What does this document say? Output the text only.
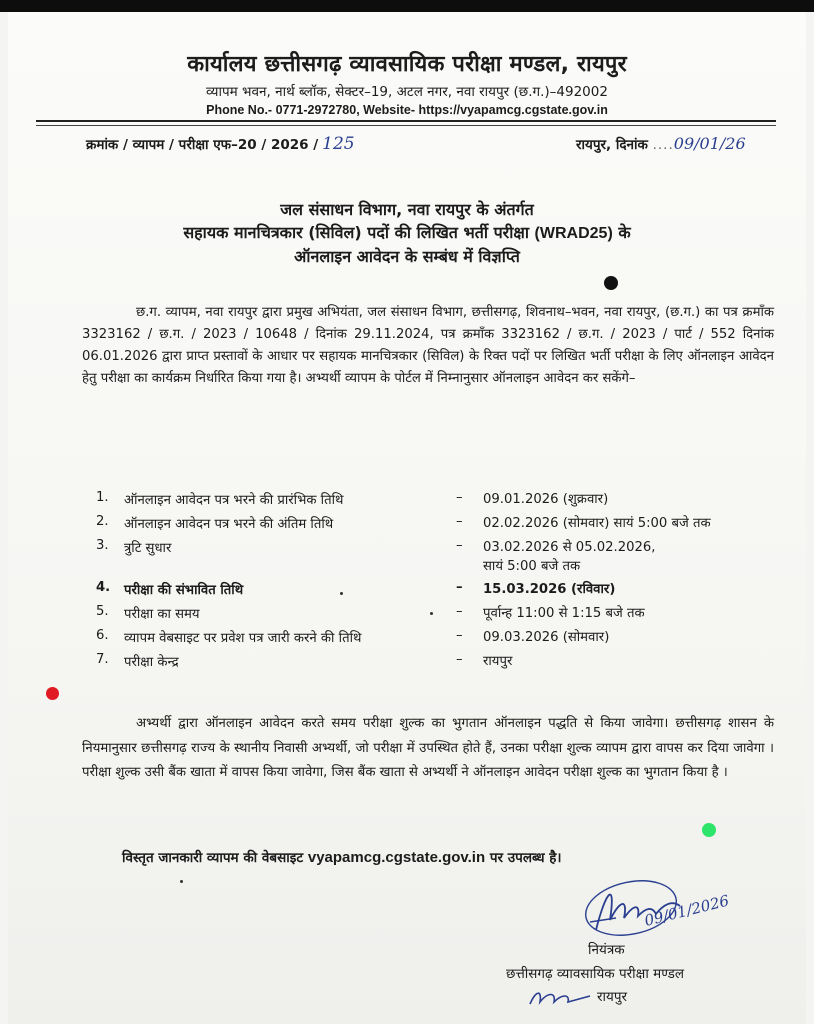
कार्यालय छत्तीसगढ़ व्यावसायिक परीक्षा मण्डल, रायपुर
व्यापम भवन, नार्थ ब्लॉक, सेक्टर–19, अटल नगर, नवा रायपुर (छ.ग.)–492002
Phone No.- 0771-2972780, Website- https://vyapamcg.cgstate.gov.in
क्रमांक / व्यापम / परीक्षा एफ–20 / 2026 / 125	रायपुर, दिनांक ....09/01/26
जल संसाधन विभाग, नवा रायपुर के अंतर्गत
सहायक मानचित्रकार (सिविल) पदों की लिखित भर्ती परीक्षा (WRAD25) के
ऑनलाइन आवेदन के सम्बंध में विज्ञप्ति
छ.ग. व्यापम, नवा रायपुर द्वारा प्रमुख अभियंता, जल संसाधन विभाग, छत्तीसगढ़, शिवनाथ–भवन, नवा रायपुर, (छ.ग.) का पत्र क्रमाँक 3323162 / छ.ग. / 2023 / 10648 / दिनांक 29.11.2024, पत्र क्रमाँक 3323162 / छ.ग. / 2023 / पार्ट / 552 दिनांक 06.01.2026 द्वारा प्राप्त प्रस्तावों के आधार पर सहायक मानचित्रकार (सिविल) के रिक्त पदों पर लिखित भर्ती परीक्षा के लिए ऑनलाइन आवेदन हेतु परीक्षा का कार्यक्रम निर्धारित किया गया है। अभ्यर्थी व्यापम के पोर्टल में निम्नानुसार ऑनलाइन आवेदन कर सकेंगे–
1.	ऑनलाइन आवेदन पत्र भरने की प्रारंभिक तिथि	– 09.01.2026 (शुक्रवार)
2.	ऑनलाइन आवेदन पत्र भरने की अंतिम तिथि	– 02.02.2026 (सोमवार) सायं 5:00 बजे तक
3.	त्रुटि सुधार	– 03.02.2026 से 05.02.2026,
सायं 5:00 बजे तक
4.	परीक्षा की संभावित तिथि	– 15.03.2026 (रविवार)
5.	परीक्षा का समय	– पूर्वान्ह 11:00 से 1:15 बजे तक
6.	व्यापम वेबसाइट पर प्रवेश पत्र जारी करने की तिथि	– 09.03.2026 (सोमवार)
7.	परीक्षा केन्द्र	– रायपुर
अभ्यर्थी द्वारा ऑनलाइन आवेदन करते समय परीक्षा शुल्क का भुगतान ऑनलाइन पद्धति से किया जावेगा। छत्तीसगढ़ शासन के नियमानुसार छत्तीसगढ़ राज्य के स्थानीय निवासी अभ्यर्थी, जो परीक्षा में उपस्थित होते हैं, उनका परीक्षा शुल्क व्यापम द्वारा वापस कर दिया जावेगा । परीक्षा शुल्क उसी बैंक खाता में वापस किया जावेगा, जिस बैंक खाता से अभ्यर्थी ने ऑनलाइन आवेदन परीक्षा शुल्क का भुगतान किया है ।
विस्तृत जानकारी व्यापम की वेबसाइट vyapamcg.cgstate.gov.in पर उपलब्ध है।
09/01/2026
नियंत्रक
छत्तीसगढ़ व्यावसायिक परीक्षा मण्डल
रायपुर
